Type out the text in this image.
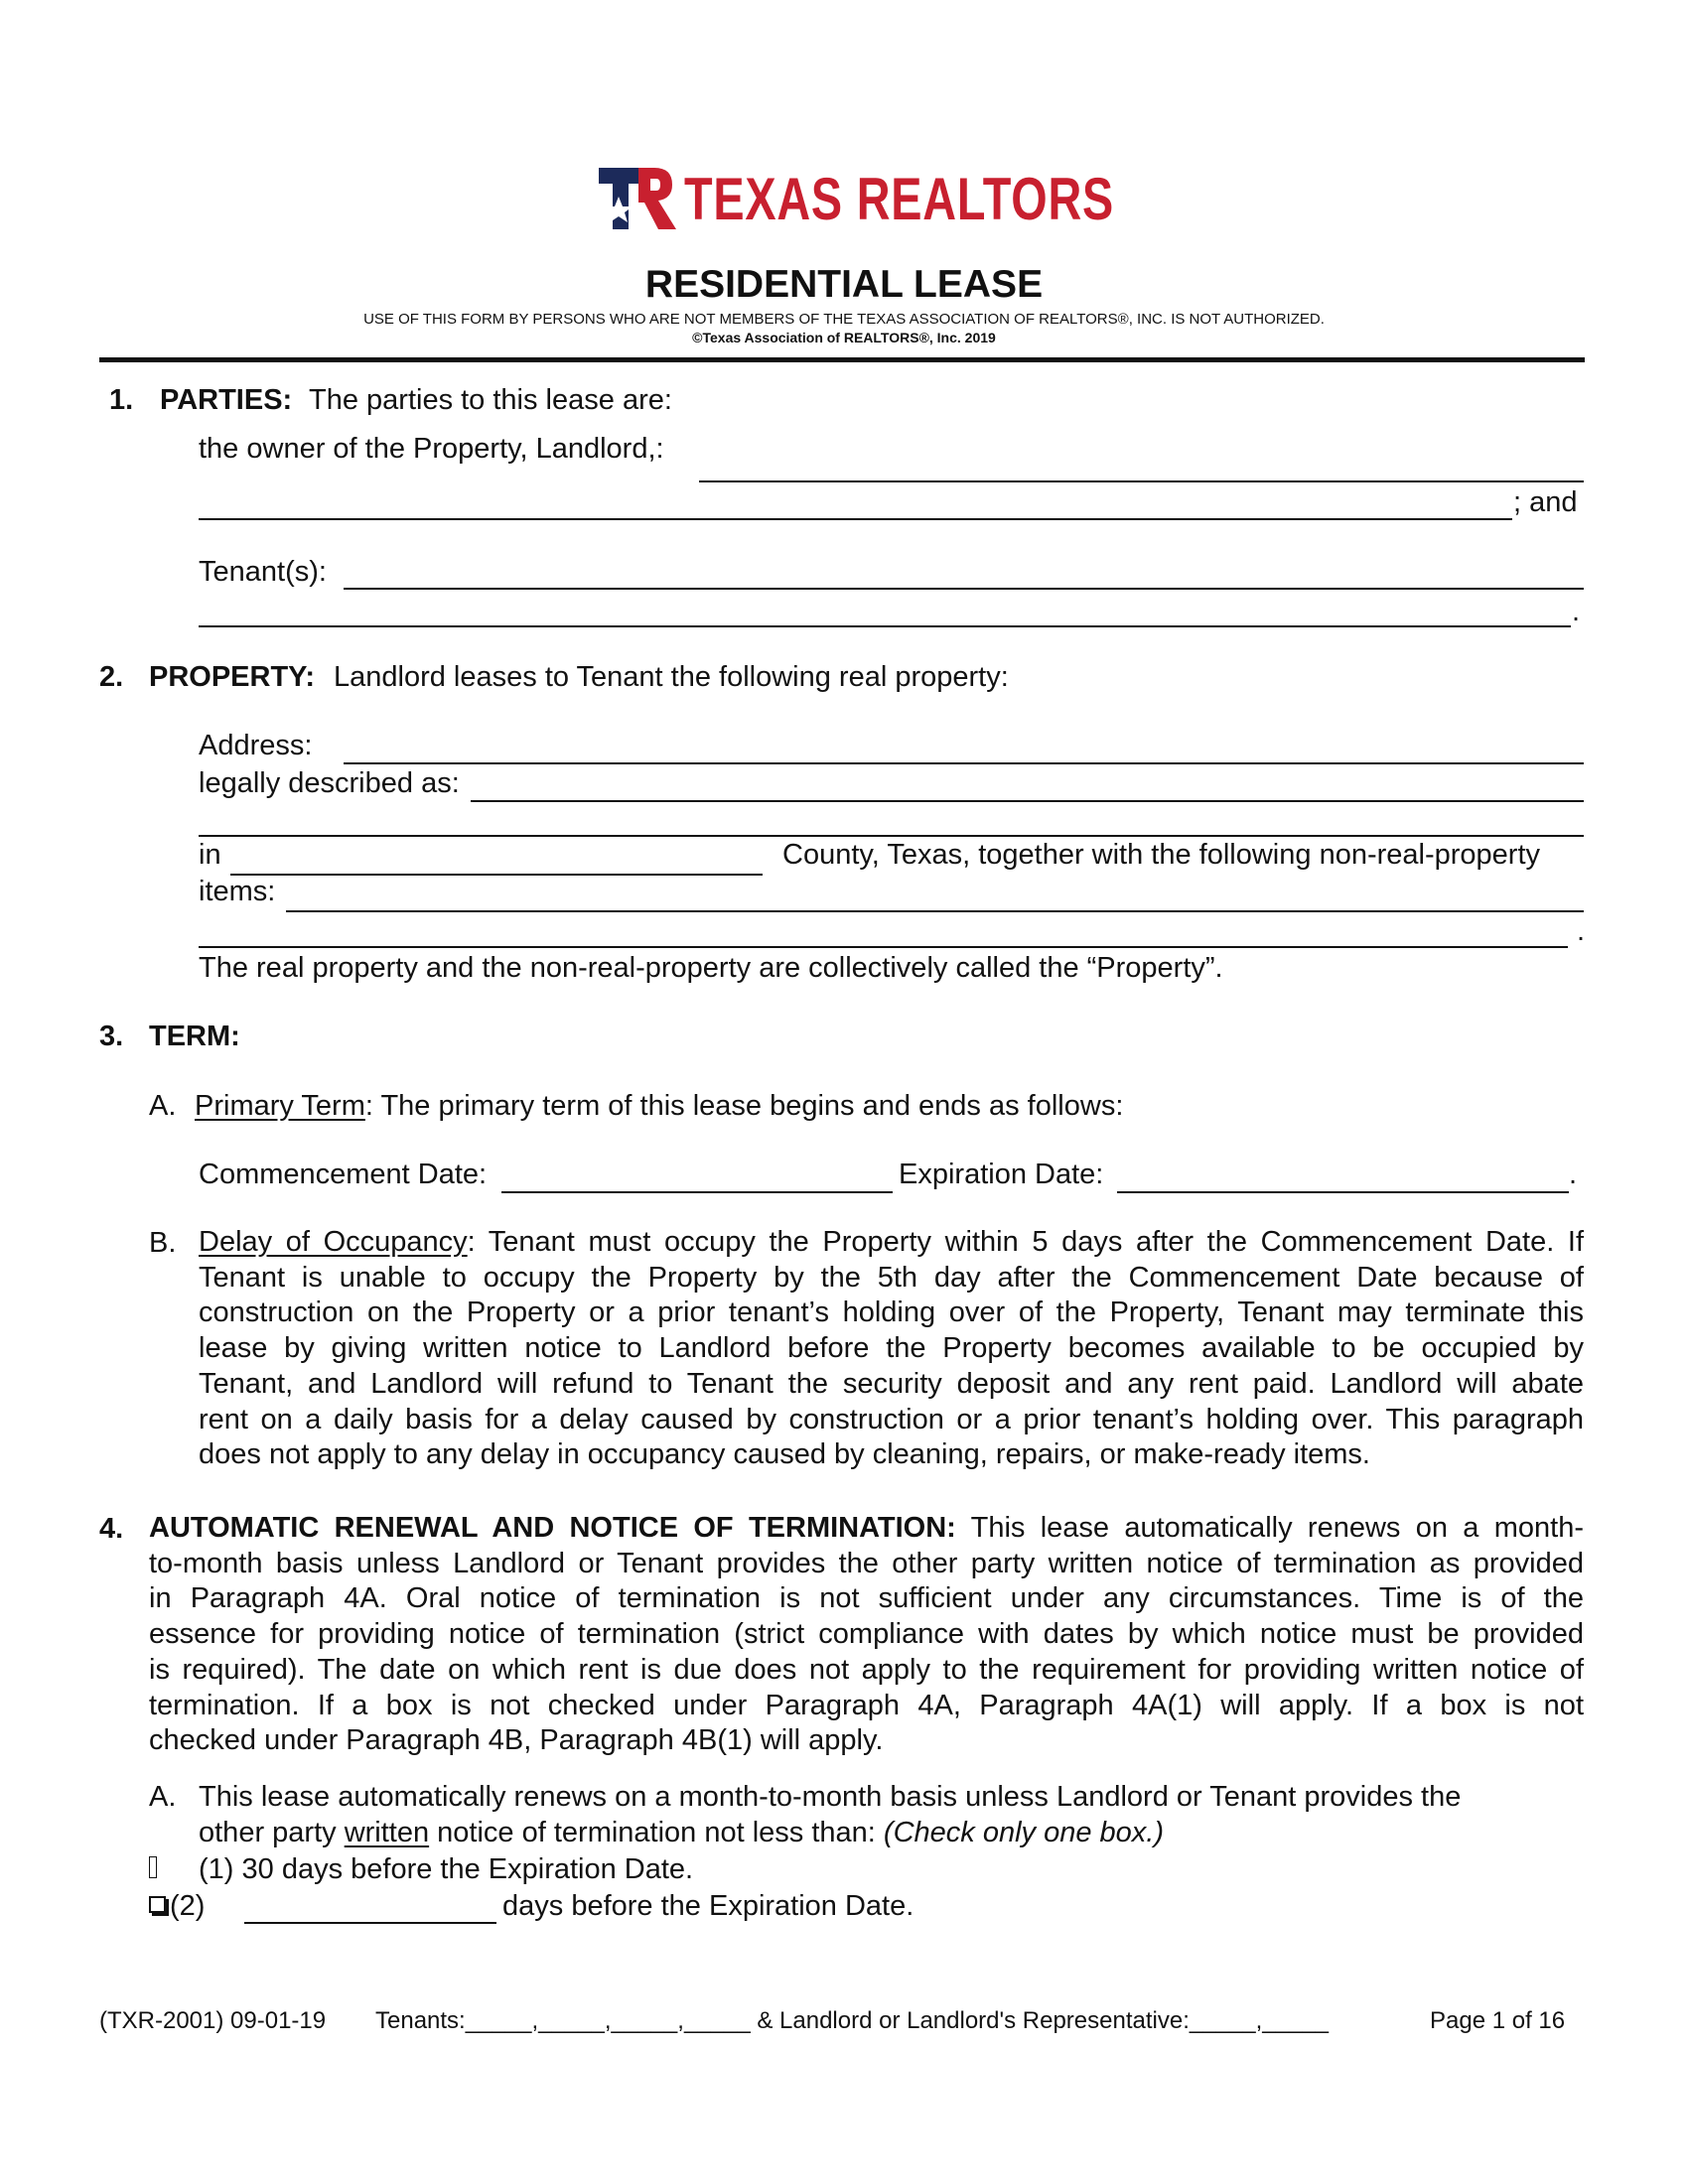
TEXAS REALTORS
RESIDENTIAL LEASE
USE OF THIS FORM BY PERSONS WHO ARE NOT MEMBERS OF THE TEXAS ASSOCIATION OF REALTORS®, INC. IS NOT AUTHORIZED.
©Texas Association of REALTORS®, Inc. 2019
1. PARTIES: The parties to this lease are:
the owner of the Property, Landlord,:
; and
Tenant(s):
.
2. PROPERTY: Landlord leases to Tenant the following real property:
Address:
legally described as:
in	County, Texas, together with the following non-real-property
items:
.
The real property and the non-real-property are collectively called the “Property”.
3. TERM:
A. Primary Term: The primary term of this lease begins and ends as follows:
Commencement Date:	Expiration Date:	.
B. Delay of Occupancy: Tenant must occupy the Property within 5 days after the Commencement Date. If
Tenant is unable to occupy the Property by the 5th day after the Commencement Date because of
construction on the Property or a prior tenant’s holding over of the Property, Tenant may terminate this
lease by giving written notice to Landlord before the Property becomes available to be occupied by
Tenant, and Landlord will refund to Tenant the security deposit and any rent paid. Landlord will abate
rent on a daily basis for a delay caused by construction or a prior tenant’s holding over. This paragraph
does not apply to any delay in occupancy caused by cleaning, repairs, or make-ready items.
4. AUTOMATIC RENEWAL AND NOTICE OF TERMINATION: This lease automatically renews on a month-
to-month basis unless Landlord or Tenant provides the other party written notice of termination as provided
in Paragraph 4A. Oral notice of termination is not sufficient under any circumstances. Time is of the
essence for providing notice of termination (strict compliance with dates by which notice must be provided
is required). The date on which rent is due does not apply to the requirement for providing written notice of
termination. If a box is not checked under Paragraph 4A, Paragraph 4A(1) will apply. If a box is not
checked under Paragraph 4B, Paragraph 4B(1) will apply.
A. This lease automatically renews on a month-to-month basis unless Landlord or Tenant provides the
other party written notice of termination not less than: (Check only one box.)
(1) 30 days before the Expiration Date.
(2)	days before the Expiration Date.
(TXR-2001) 09-01-19 Tenants:_____,_____,_____,_____ & Landlord or Landlord's Representative:_____,_____	Page 1 of 16
